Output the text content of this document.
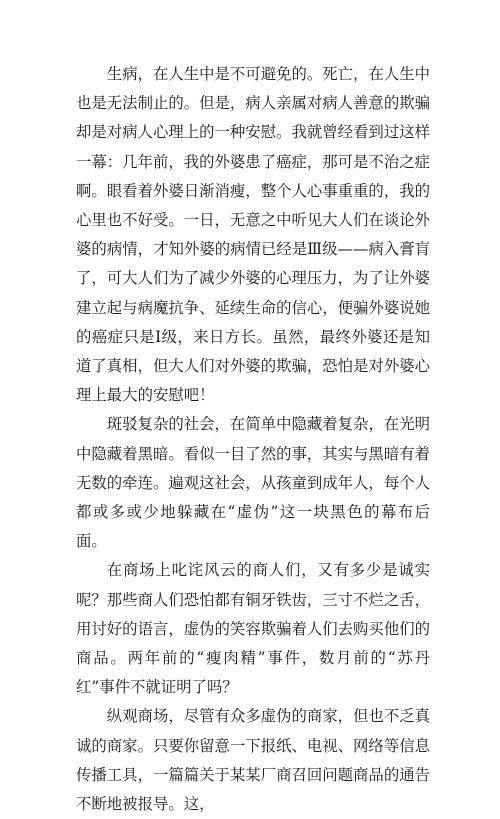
生病，在人生中是不可避免的。死亡，在人生中也是无法制止的。但是，病人亲属对病人善意的欺骗却是对病人心理上的一种安慰。我就曾经看到过这样一幕：几年前，我的外婆患了癌症，那可是不治之症啊。眼看着外婆日渐消瘦，整个人心事重重的，我的心里也不好受。一日，无意之中听见大人们在谈论外婆的病情，才知外婆的病情已经是Ⅲ级——病入膏肓了，可大人们为了减少外婆的心理压力，为了让外婆建立起与病魔抗争、延续生命的信心，便骗外婆说她的癌症只是Ⅰ级，来日方长。虽然，最终外婆还是知道了真相，但大人们对外婆的欺骗，恐怕是对外婆心理上最大的安慰吧！

斑驳复杂的社会，在简单中隐藏着复杂，在光明中隐藏着黑暗。看似一目了然的事，其实与黑暗有着无数的牵连。遍观这社会，从孩童到成年人，每个人都或多或少地躲藏在“虚伪”这一块黑色的幕布后面。

在商场上叱诧风云的商人们，又有多少是诚实呢？那些商人们恐怕都有铜牙铁齿，三寸不烂之舌，用讨好的语言，虚伪的笑容欺骗着人们去购买他们的商品。两年前的“瘦肉精”事件，数月前的“苏丹红”事件不就证明了吗？

纵观商场，尽管有众多虚伪的商家，但也不乏真诚的商家。只要你留意一下报纸、电视、网络等信息传播工具，一篇篇关于某某厂商召回问题商品的通告不断地被报导。这，
